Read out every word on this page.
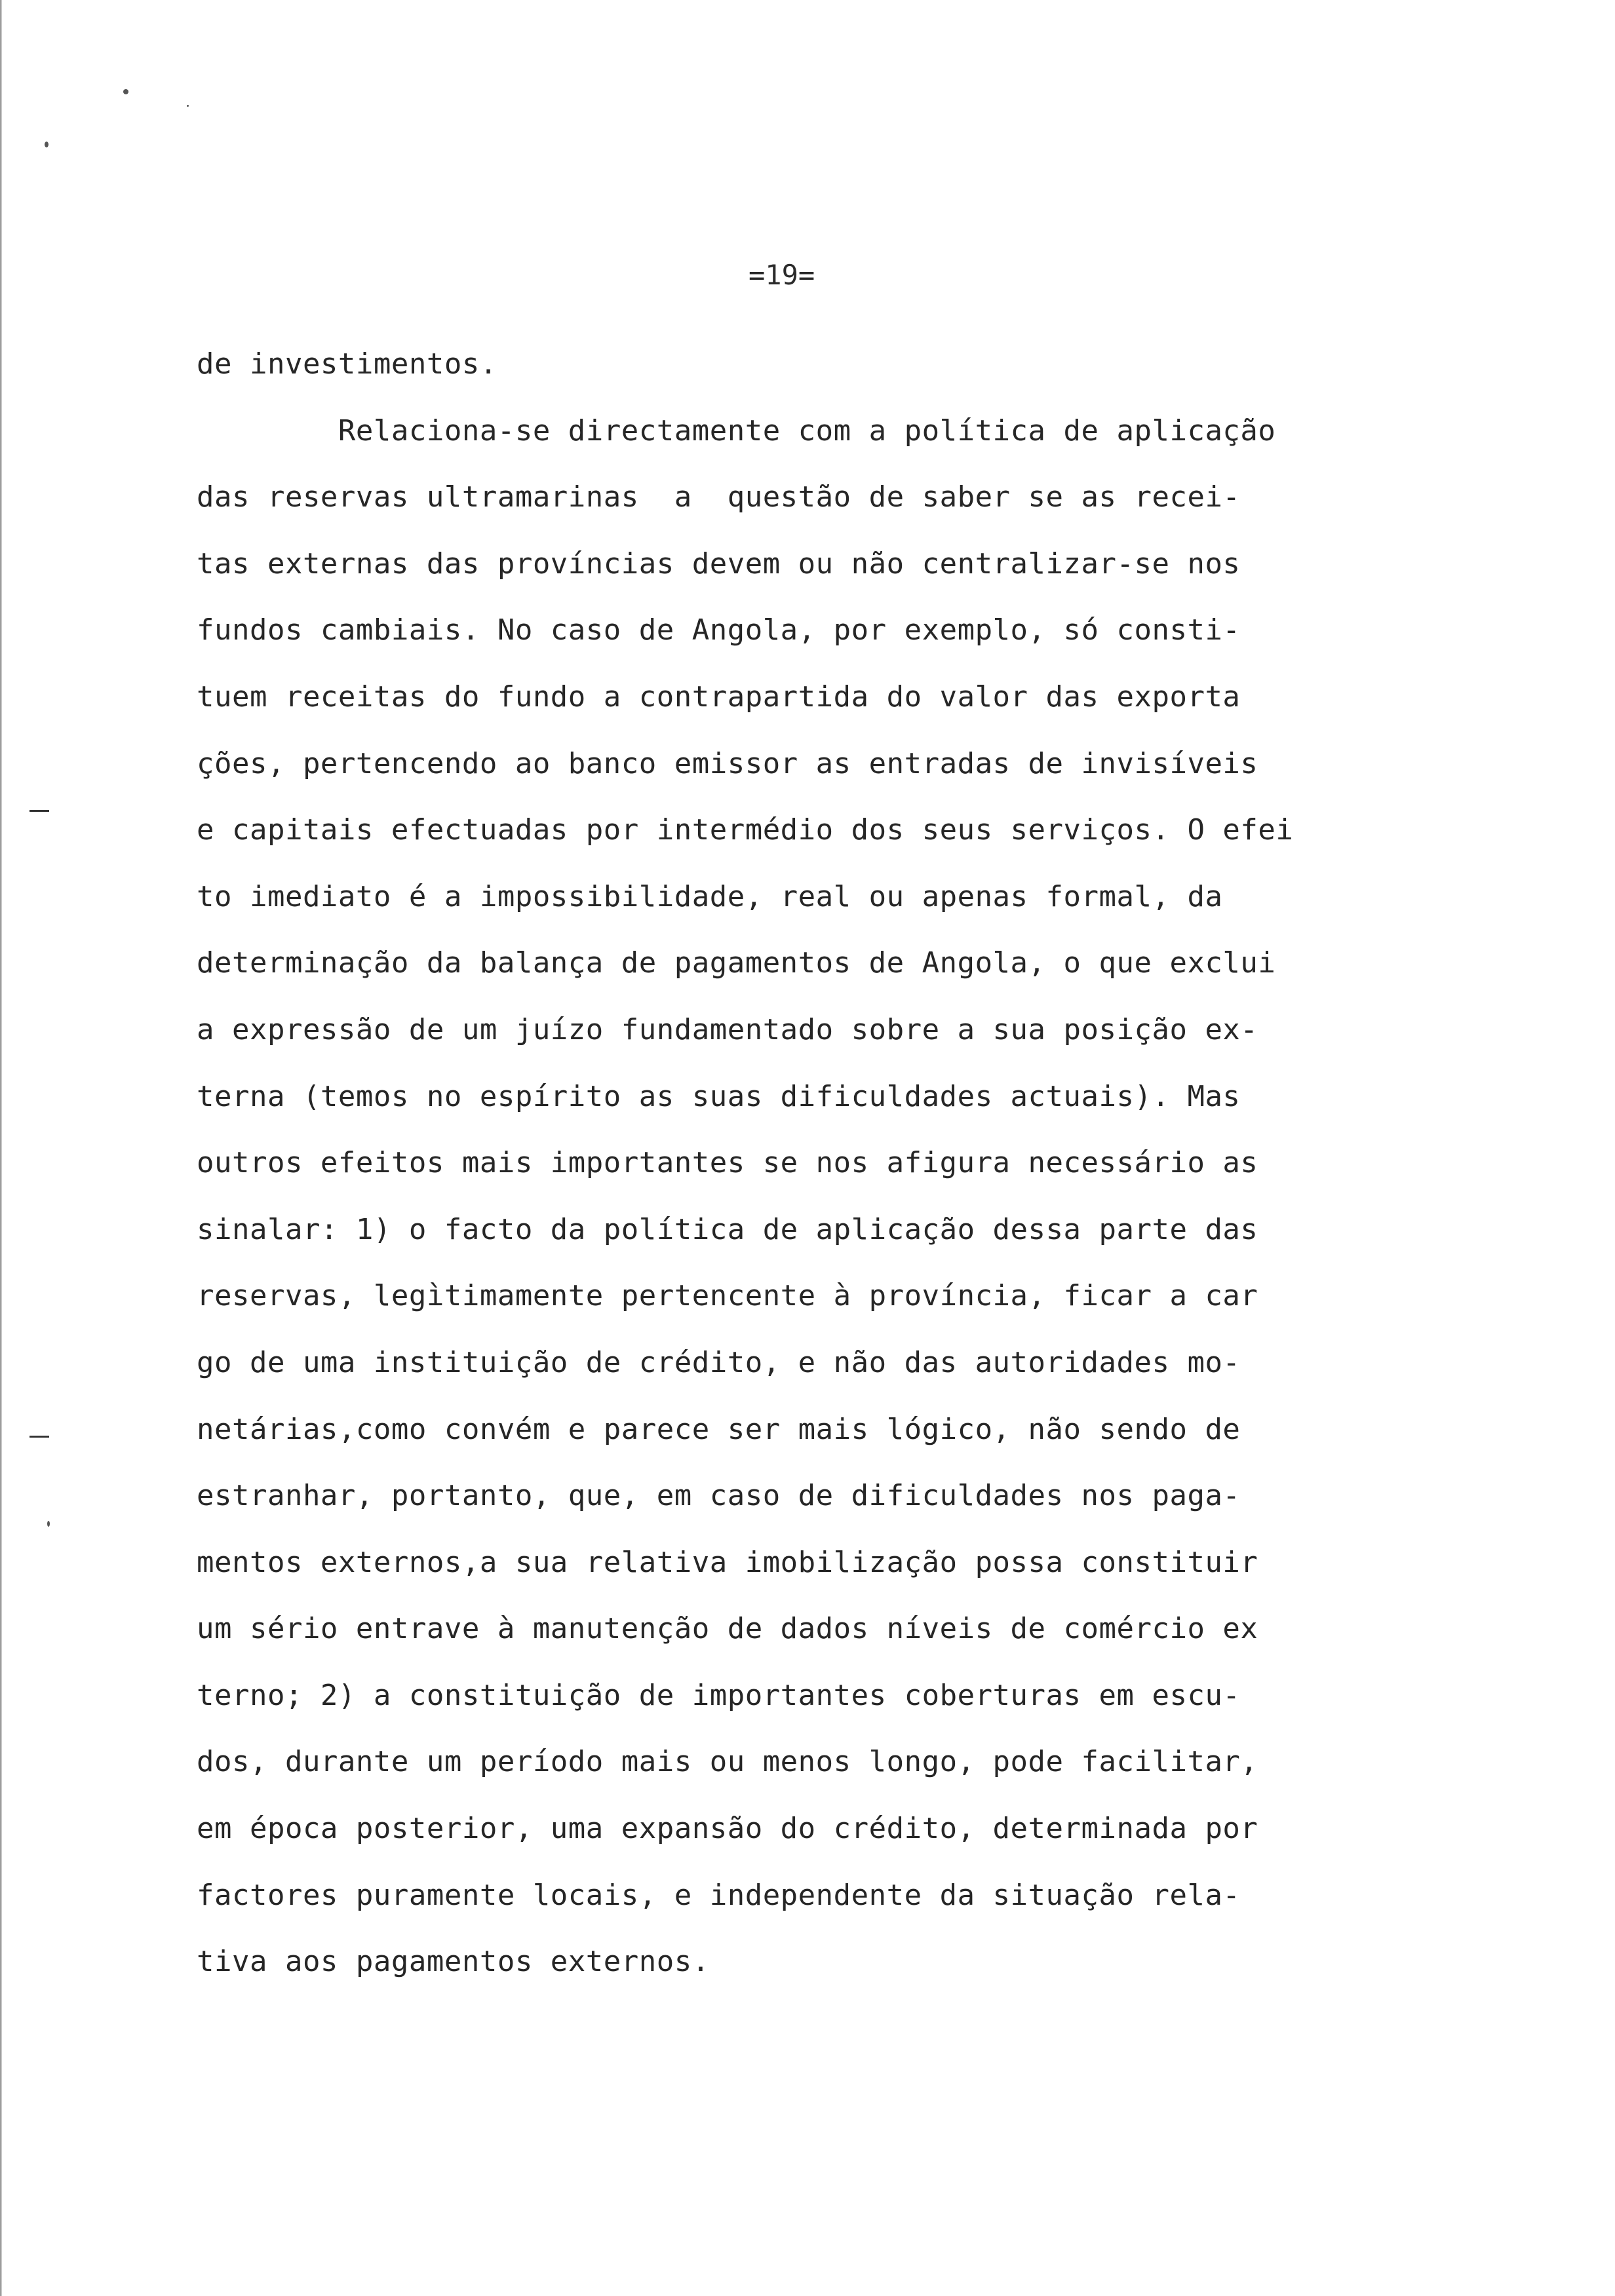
=19=
de investimentos.
Relaciona-se directamente com a política de aplicação
das reservas ultramarinas  a  questão de saber se as recei-
tas externas das províncias devem ou não centralizar-se nos
fundos cambiais. No caso de Angola, por exemplo, só consti-
tuem receitas do fundo a contrapartida do valor das exporta
ções, pertencendo ao banco emissor as entradas de invisíveis
e capitais efectuadas por intermédio dos seus serviços. O efei
to imediato é a impossibilidade, real ou apenas formal, da
determinação da balança de pagamentos de Angola, o que exclui
a expressão de um juízo fundamentado sobre a sua posição ex-
terna (temos no espírito as suas dificuldades actuais). Mas
outros efeitos mais importantes se nos afigura necessário as
sinalar: 1) o facto da política de aplicação dessa parte das
reservas, legìtimamente pertencente à província, ficar a car
go de uma instituição de crédito, e não das autoridades mo-
netárias,como convém e parece ser mais lógico, não sendo de
estranhar, portanto, que, em caso de dificuldades nos paga-
mentos externos,a sua relativa imobilização possa constituir
um sério entrave à manutenção de dados níveis de comércio ex
terno; 2) a constituição de importantes coberturas em escu-
dos, durante um período mais ou menos longo, pode facilitar,
em época posterior, uma expansão do crédito, determinada por
factores puramente locais, e independente da situação rela-
tiva aos pagamentos externos.
